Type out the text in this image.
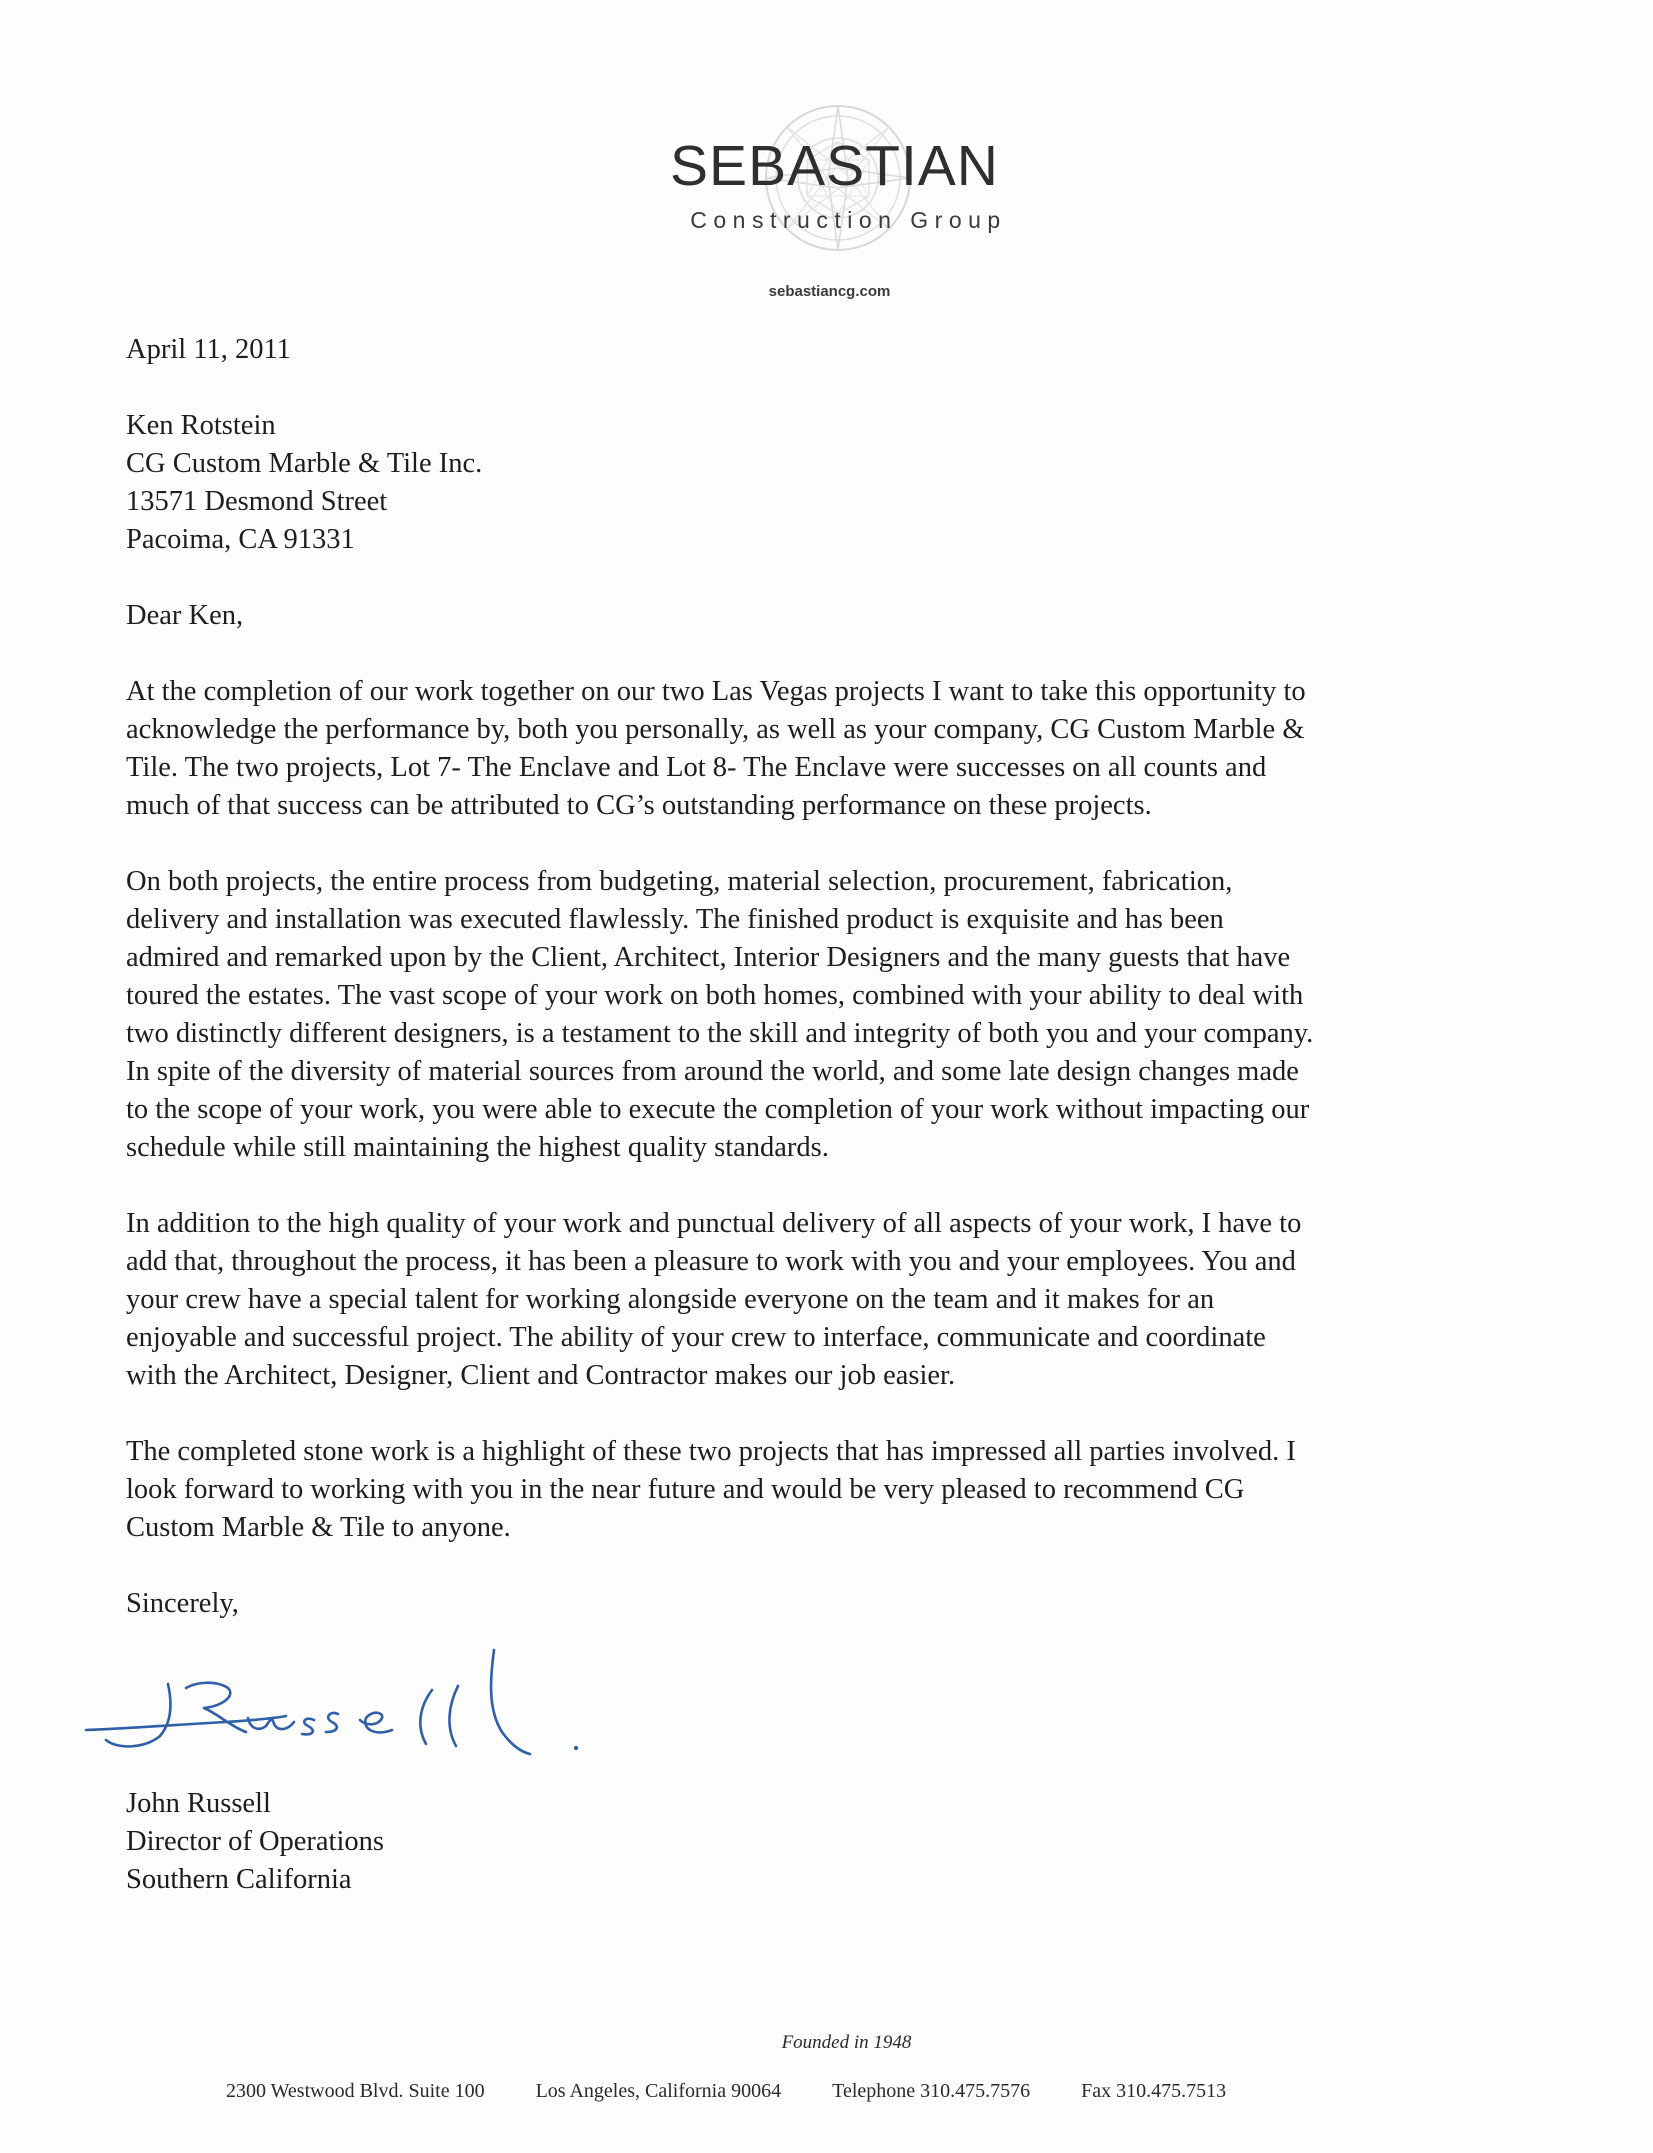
SEBASTIAN
Construction Group
sebastiancg.com
April 11, 2011
Ken Rotstein
CG Custom Marble & Tile Inc.
13571 Desmond Street
Pacoima, CA 91331
Dear Ken,
At the completion of our work together on our two Las Vegas projects I want to take this opportunity to
acknowledge the performance by, both you personally, as well as your company, CG Custom Marble &
Tile. The two projects, Lot 7- The Enclave and Lot 8- The Enclave were successes on all counts and
much of that success can be attributed to CG’s outstanding performance on these projects.
On both projects, the entire process from budgeting, material selection, procurement, fabrication,
delivery and installation was executed flawlessly. The finished product is exquisite and has been
admired and remarked upon by the Client, Architect, Interior Designers and the many guests that have
toured the estates. The vast scope of your work on both homes, combined with your ability to deal with
two distinctly different designers, is a testament to the skill and integrity of both you and your company.
In spite of the diversity of material sources from around the world, and some late design changes made
to the scope of your work, you were able to execute the completion of your work without impacting our
schedule while still maintaining the highest quality standards.
In addition to the high quality of your work and punctual delivery of all aspects of your work, I have to
add that, throughout the process, it has been a pleasure to work with you and your employees. You and
your crew have a special talent for working alongside everyone on the team and it makes for an
enjoyable and successful project. The ability of your crew to interface, communicate and coordinate
with the Architect, Designer, Client and Contractor makes our job easier.
The completed stone work is a highlight of these two projects that has impressed all parties involved. I
look forward to working with you in the near future and would be very pleased to recommend CG
Custom Marble & Tile to anyone.
Sincerely,
John Russell
Director of Operations
Southern California
Founded in 1948
2300 Westwood Blvd. Suite 100	Los Angeles, California 90064	Telephone 310.475.7576	Fax 310.475.7513
